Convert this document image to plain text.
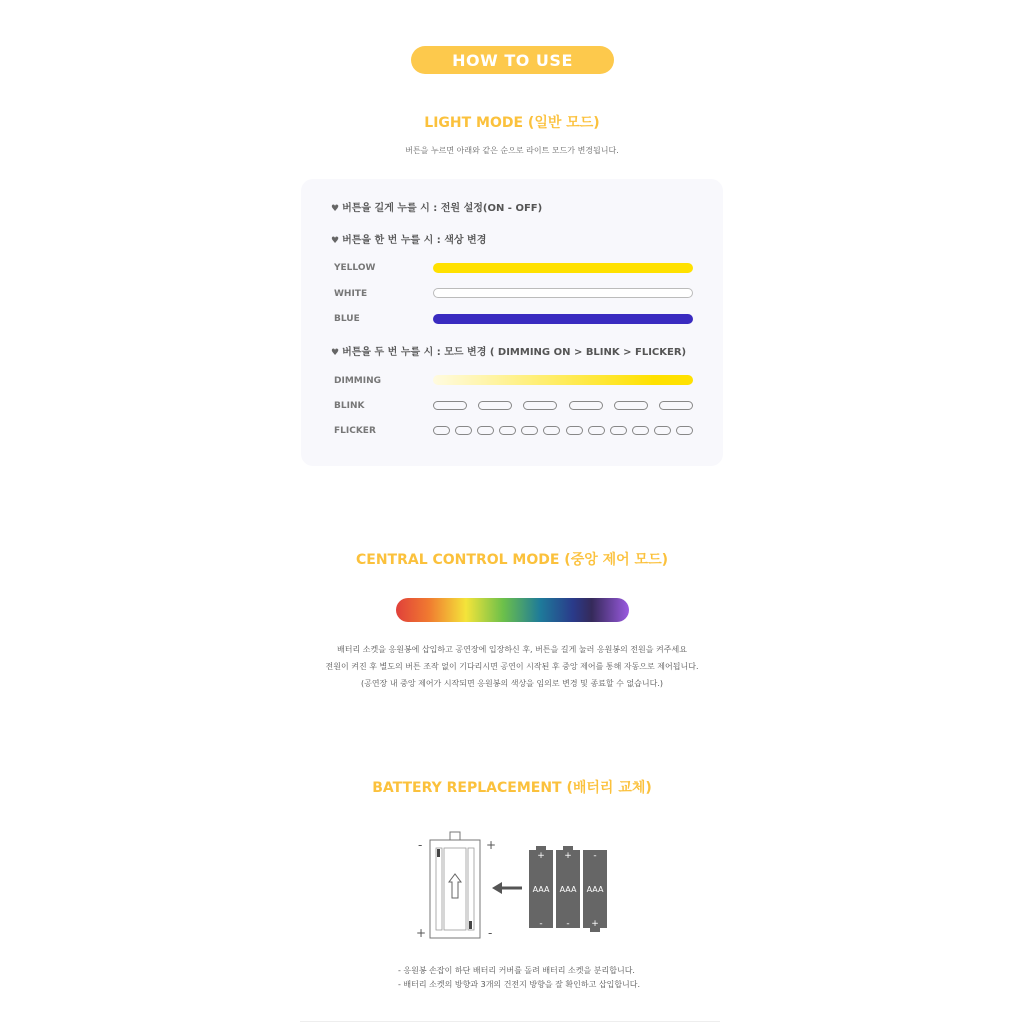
HOW TO USE
LIGHT MODE (일반 모드)
버튼을 누르면 아래와 같은 순으로 라이트 모드가 변경됩니다.
♥ 버튼을 길게 누를 시 : 전원 설정(ON - OFF)
♥ 버튼을 한 번 누를 시 : 색상 변경
YELLOW
WHITE
BLUE
♥ 버튼을 두 번 누를 시 : 모드 변경 ( DIMMING ON > BLINK > FLICKER)
DIMMING
BLINK
FLICKER
CENTRAL CONTROL MODE (중앙 제어 모드)
배터리 소켓을 응원봉에 삽입하고 공연장에 입장하신 후, 버튼을 길게 눌러 응원봉의 전원을 켜주세요
전원이 켜진 후 별도의 버튼 조작 없이 기다리시면 공연이 시작된 후 중앙 제어를 통해 자동으로 제어됩니다.
(공연장 내 중앙 제어가 시작되면 응원봉의 색상을 임의로 변경 및 종료할 수 없습니다.)
BATTERY REPLACEMENT (배터리 교체)
-	+
+	-
+
AAA
-
+
AAA
-
-
AAA
+
- 응원봉 손잡이 하단 배터리 커버를 돌려 배터리 소켓을 분리합니다.
- 배터리 소켓의 방향과 3개의 건전지 방향을 잘 확인하고 삽입합니다.
